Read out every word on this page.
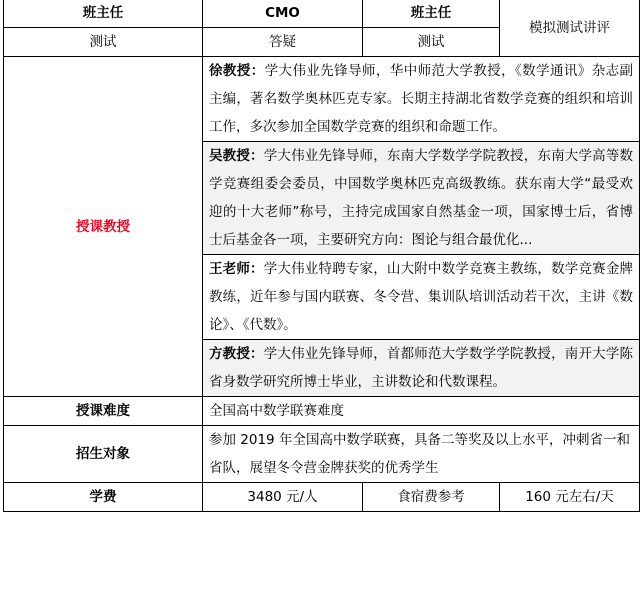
班主任	CMO	班主任	模拟测试讲评
测试	答疑	测试	
授课教授	徐教授：学大伟业先锋导师，华中师范大学教授，《数学通讯》杂志副主编，著名数学奥林匹克专家。长期主持湖北省数学竞赛的组织和培训工作，多次参加全国数学竞赛的组织和命题工作。		
	吴教授：学大伟业先锋导师，东南大学数学学院教授，东南大学高等数学竞赛组委会委员，中国数学奥林匹克高级教练。获东南大学“最受欢迎的十大老师”称号，主持完成国家自然基金一项，国家博士后，省博士后基金各一项，主要研究方向：图论与组合最优化...		
	王老师：学大伟业特聘专家，山大附中数学竞赛主教练，数学竞赛金牌教练，近年参与国内联赛、冬令营、集训队培训活动若干次，主讲《数论》、《代数》。		
	方教授：学大伟业先锋导师，首都师范大学数学学院教授，南开大学陈省身数学研究所博士毕业，主讲数论和代数课程。		
授课难度	全国高中数学联赛难度		
招生对象	参加 2019 年全国高中数学联赛，具备二等奖及以上水平，冲刺省一和省队，展望冬令营金牌获奖的优秀学生		
学费	3480 元/人	食宿费参考	160 元左右/天
